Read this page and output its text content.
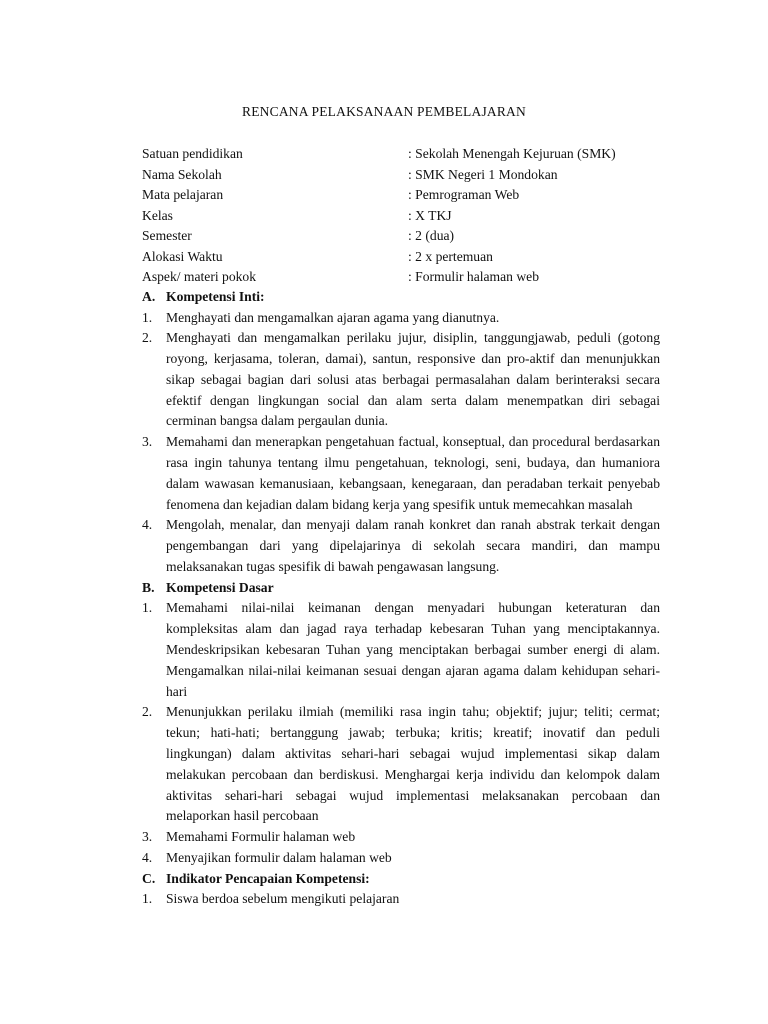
RENCANA PELAKSANAAN PEMBELAJARAN
Satuan pendidikan	: Sekolah Menengah Kejuruan (SMK)
Nama Sekolah	: SMK Negeri 1 Mondokan
Mata pelajaran	: Pemrograman Web
Kelas	: X TKJ
Semester	: 2 (dua)
Alokasi Waktu	: 2 x pertemuan
Aspek/ materi pokok	: Formulir halaman web
A. Kompetensi Inti:
1.	Menghayati dan mengamalkan ajaran agama yang dianutnya.
2.	Menghayati dan mengamalkan perilaku jujur, disiplin, tanggungjawab, peduli (gotong royong, kerjasama, toleran, damai), santun, responsive dan pro-aktif dan menunjukkan sikap sebagai bagian dari solusi atas berbagai permasalahan dalam berinteraksi secara efektif dengan lingkungan social dan alam serta dalam menempatkan diri sebagai cerminan bangsa dalam pergaulan dunia.
3.	Memahami dan menerapkan pengetahuan factual, konseptual, dan procedural berdasarkan rasa ingin tahunya tentang ilmu pengetahuan, teknologi, seni, budaya, dan humaniora dalam wawasan kemanusiaan, kebangsaan, kenegaraan, dan peradaban terkait penyebab fenomena dan kejadian dalam bidang kerja yang spesifik untuk memecahkan masalah
4.	Mengolah, menalar, dan menyaji dalam ranah konkret dan ranah abstrak terkait dengan pengembangan dari yang dipelajarinya di sekolah secara mandiri, dan mampu melaksanakan tugas spesifik di bawah pengawasan langsung.
B. Kompetensi Dasar
1.	Memahami nilai-nilai keimanan dengan menyadari hubungan keteraturan dan kompleksitas alam dan jagad raya terhadap kebesaran Tuhan yang menciptakannya. Mendeskripsikan kebesaran Tuhan yang menciptakan berbagai sumber energi di alam. Mengamalkan nilai-nilai keimanan sesuai dengan ajaran agama dalam kehidupan sehari-hari
2.	Menunjukkan perilaku ilmiah (memiliki rasa ingin tahu; objektif; jujur; teliti; cermat; tekun; hati-hati; bertanggung jawab; terbuka; kritis; kreatif; inovatif dan peduli lingkungan) dalam aktivitas sehari-hari sebagai wujud implementasi sikap dalam melakukan percobaan dan berdiskusi. Menghargai kerja individu dan kelompok dalam aktivitas sehari-hari sebagai wujud implementasi melaksanakan percobaan dan melaporkan hasil percobaan
3.	Memahami Formulir halaman web
4.	Menyajikan formulir dalam halaman web
C. Indikator Pencapaian Kompetensi:
1.	Siswa berdoa sebelum mengikuti pelajaran
